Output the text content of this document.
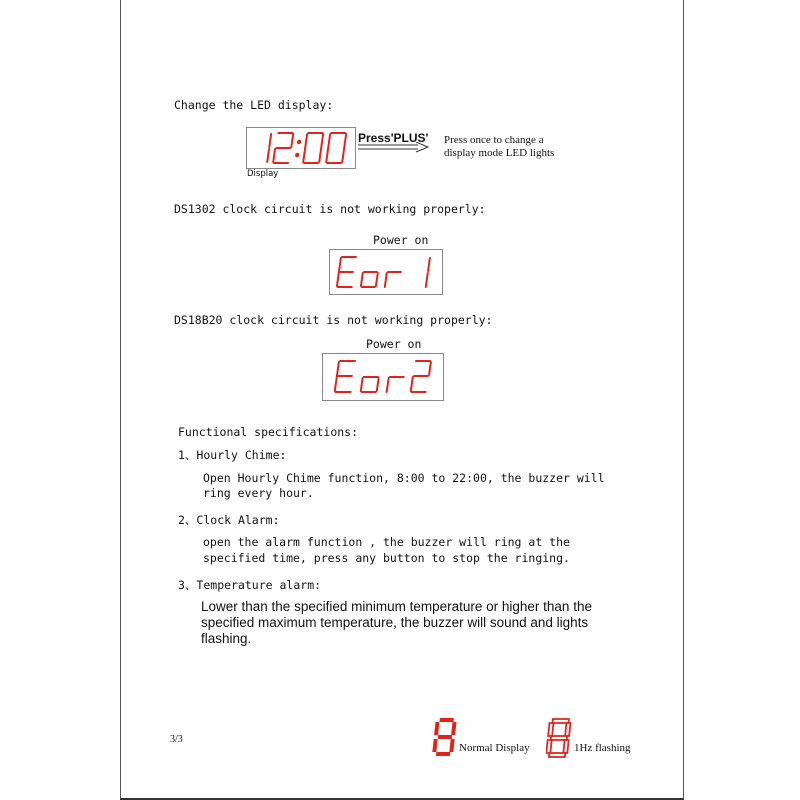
Change the LED display:
Display
Press'PLUS' Press once to change a
display mode LED lights
DS1302 clock circuit is not working properly:
Power on
DS18B20 clock circuit is not working properly:
Power on
Functional specifications:
1、Hourly Chime:
Open Hourly Chime function, 8:00 to 22:00, the buzzer will
ring every hour.
2、Clock Alarm:
open the alarm function , the buzzer will ring at the
specified time, press any button to stop the ringing.
3、Temperature alarm:
Lower than the specified minimum temperature or higher than the specified maximum temperature, the buzzer will sound and lights flashing.
3/3
Normal Display	1Hz flashing
